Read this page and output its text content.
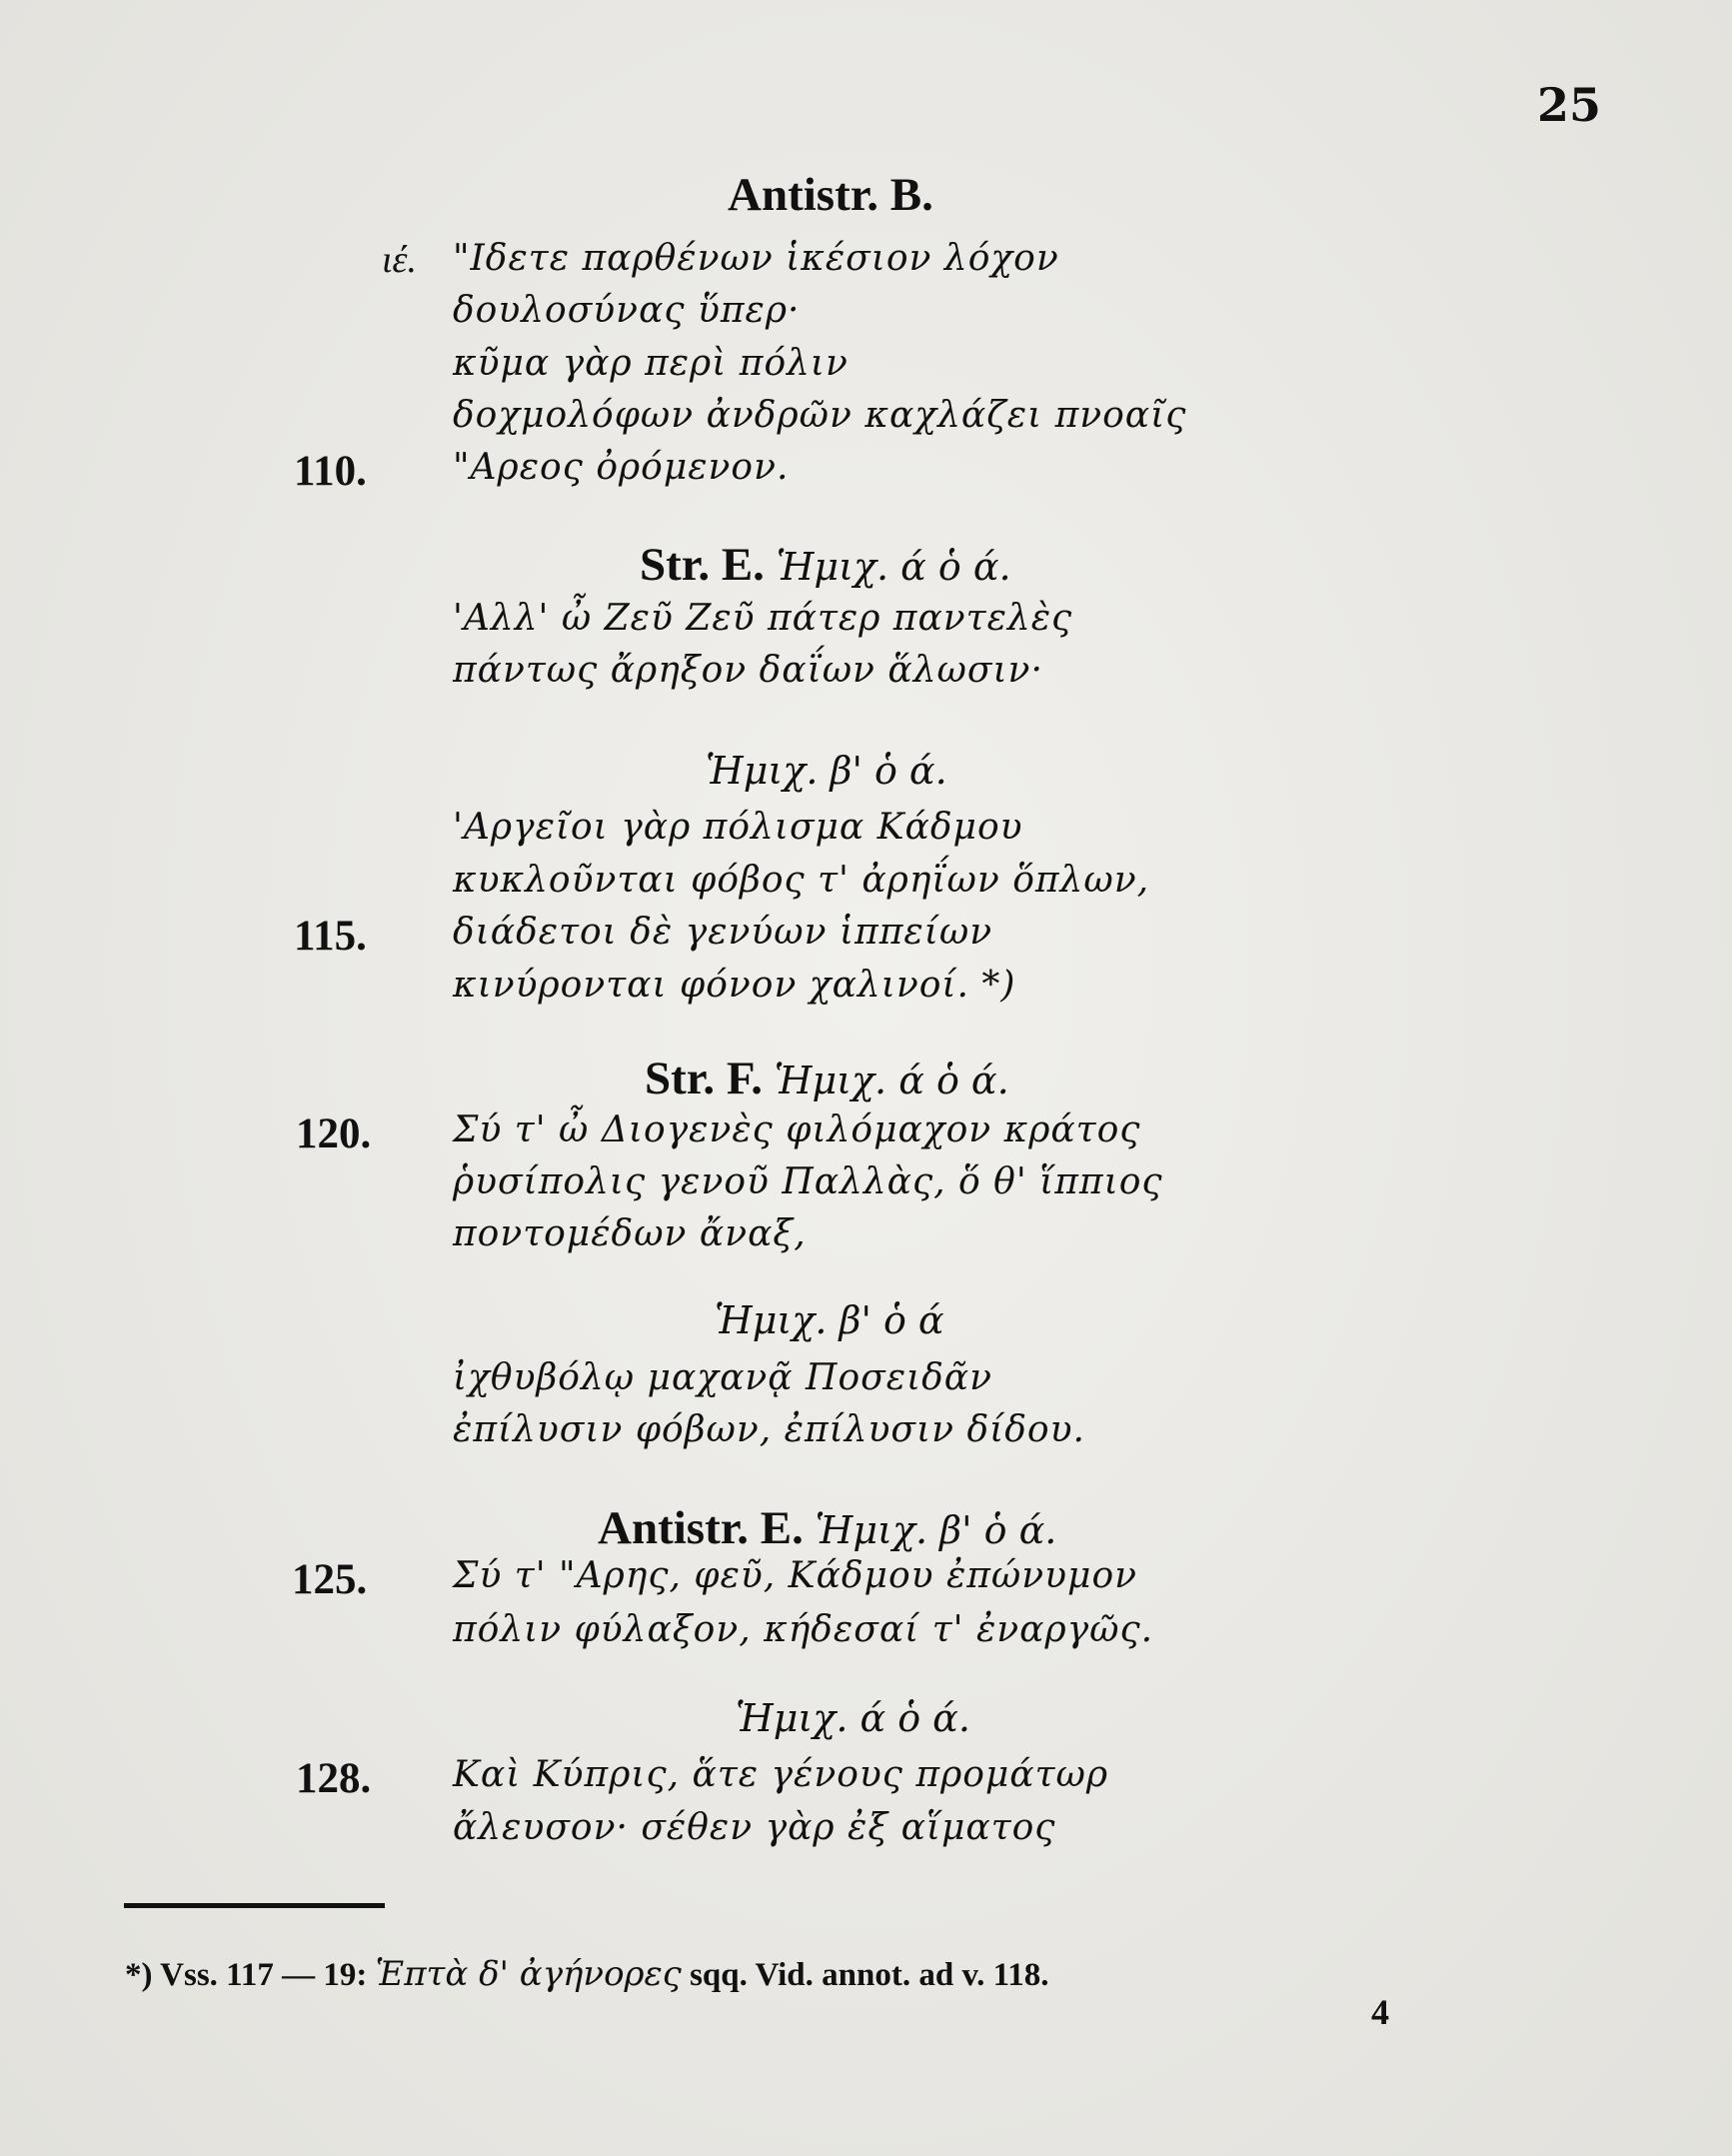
25
Antistr. B.
ιέ. "Ιδετε παρθένων ἱκέσιον λόχον
δουλοσύνας ὕπερ·
κῦμα γὰρ περὶ πόλιν
δοχμολόφων ἀνδρῶν καχλάζει πνοαῖς
110. "Αρεος ὀρόμενον.
Str. E. Ἡμιχ. ά ὁ ά.
'Αλλ' ὦ Ζεῦ Ζεῦ πάτερ παντελὲς
πάντως ἄρηξον δαΐων ἅλωσιν·
Ἡμιχ. β' ὁ ά.
'Αργεῖοι γὰρ πόλισμα Κάδμου
κυκλοῦνται φόβος τ' ἀρηΐων ὅπλων,
115. διάδετοι δὲ γενύων ἱππείων
κινύρονται φόνον χαλινοί. *)
Str. F. Ἡμιχ. ά ὁ ά.
120. Σύ τ' ὦ Διογενὲς φιλόμαχον κράτος
ῥυσίπολις γενοῦ Παλλὰς, ὅ θ' ἵππιος
ποντομέδων ἄναξ,
Ἡμιχ. β' ὁ ά
ἰχθυβόλῳ μαχανᾷ Ποσειδᾶν
ἐπίλυσιν φόβων, ἐπίλυσιν δίδου.
Antistr. E. Ἡμιχ. β' ὁ ά.
125. Σύ τ' "Αρης, φεῦ, Κάδμου ἐπώνυμον
πόλιν φύλαξον, κήδεσαί τ' ἐναργῶς.
Ἡμιχ. ά ὁ ά.
128. Καὶ Κύπρις, ἅτε γένους προμάτωρ
ἄλευσον· σέθεν γὰρ ἐξ αἵματος
*) Vss. 117 — 19: Ἑπτὰ δ' ἀγήνορες sqq. Vid. annot. ad v. 118.
4
